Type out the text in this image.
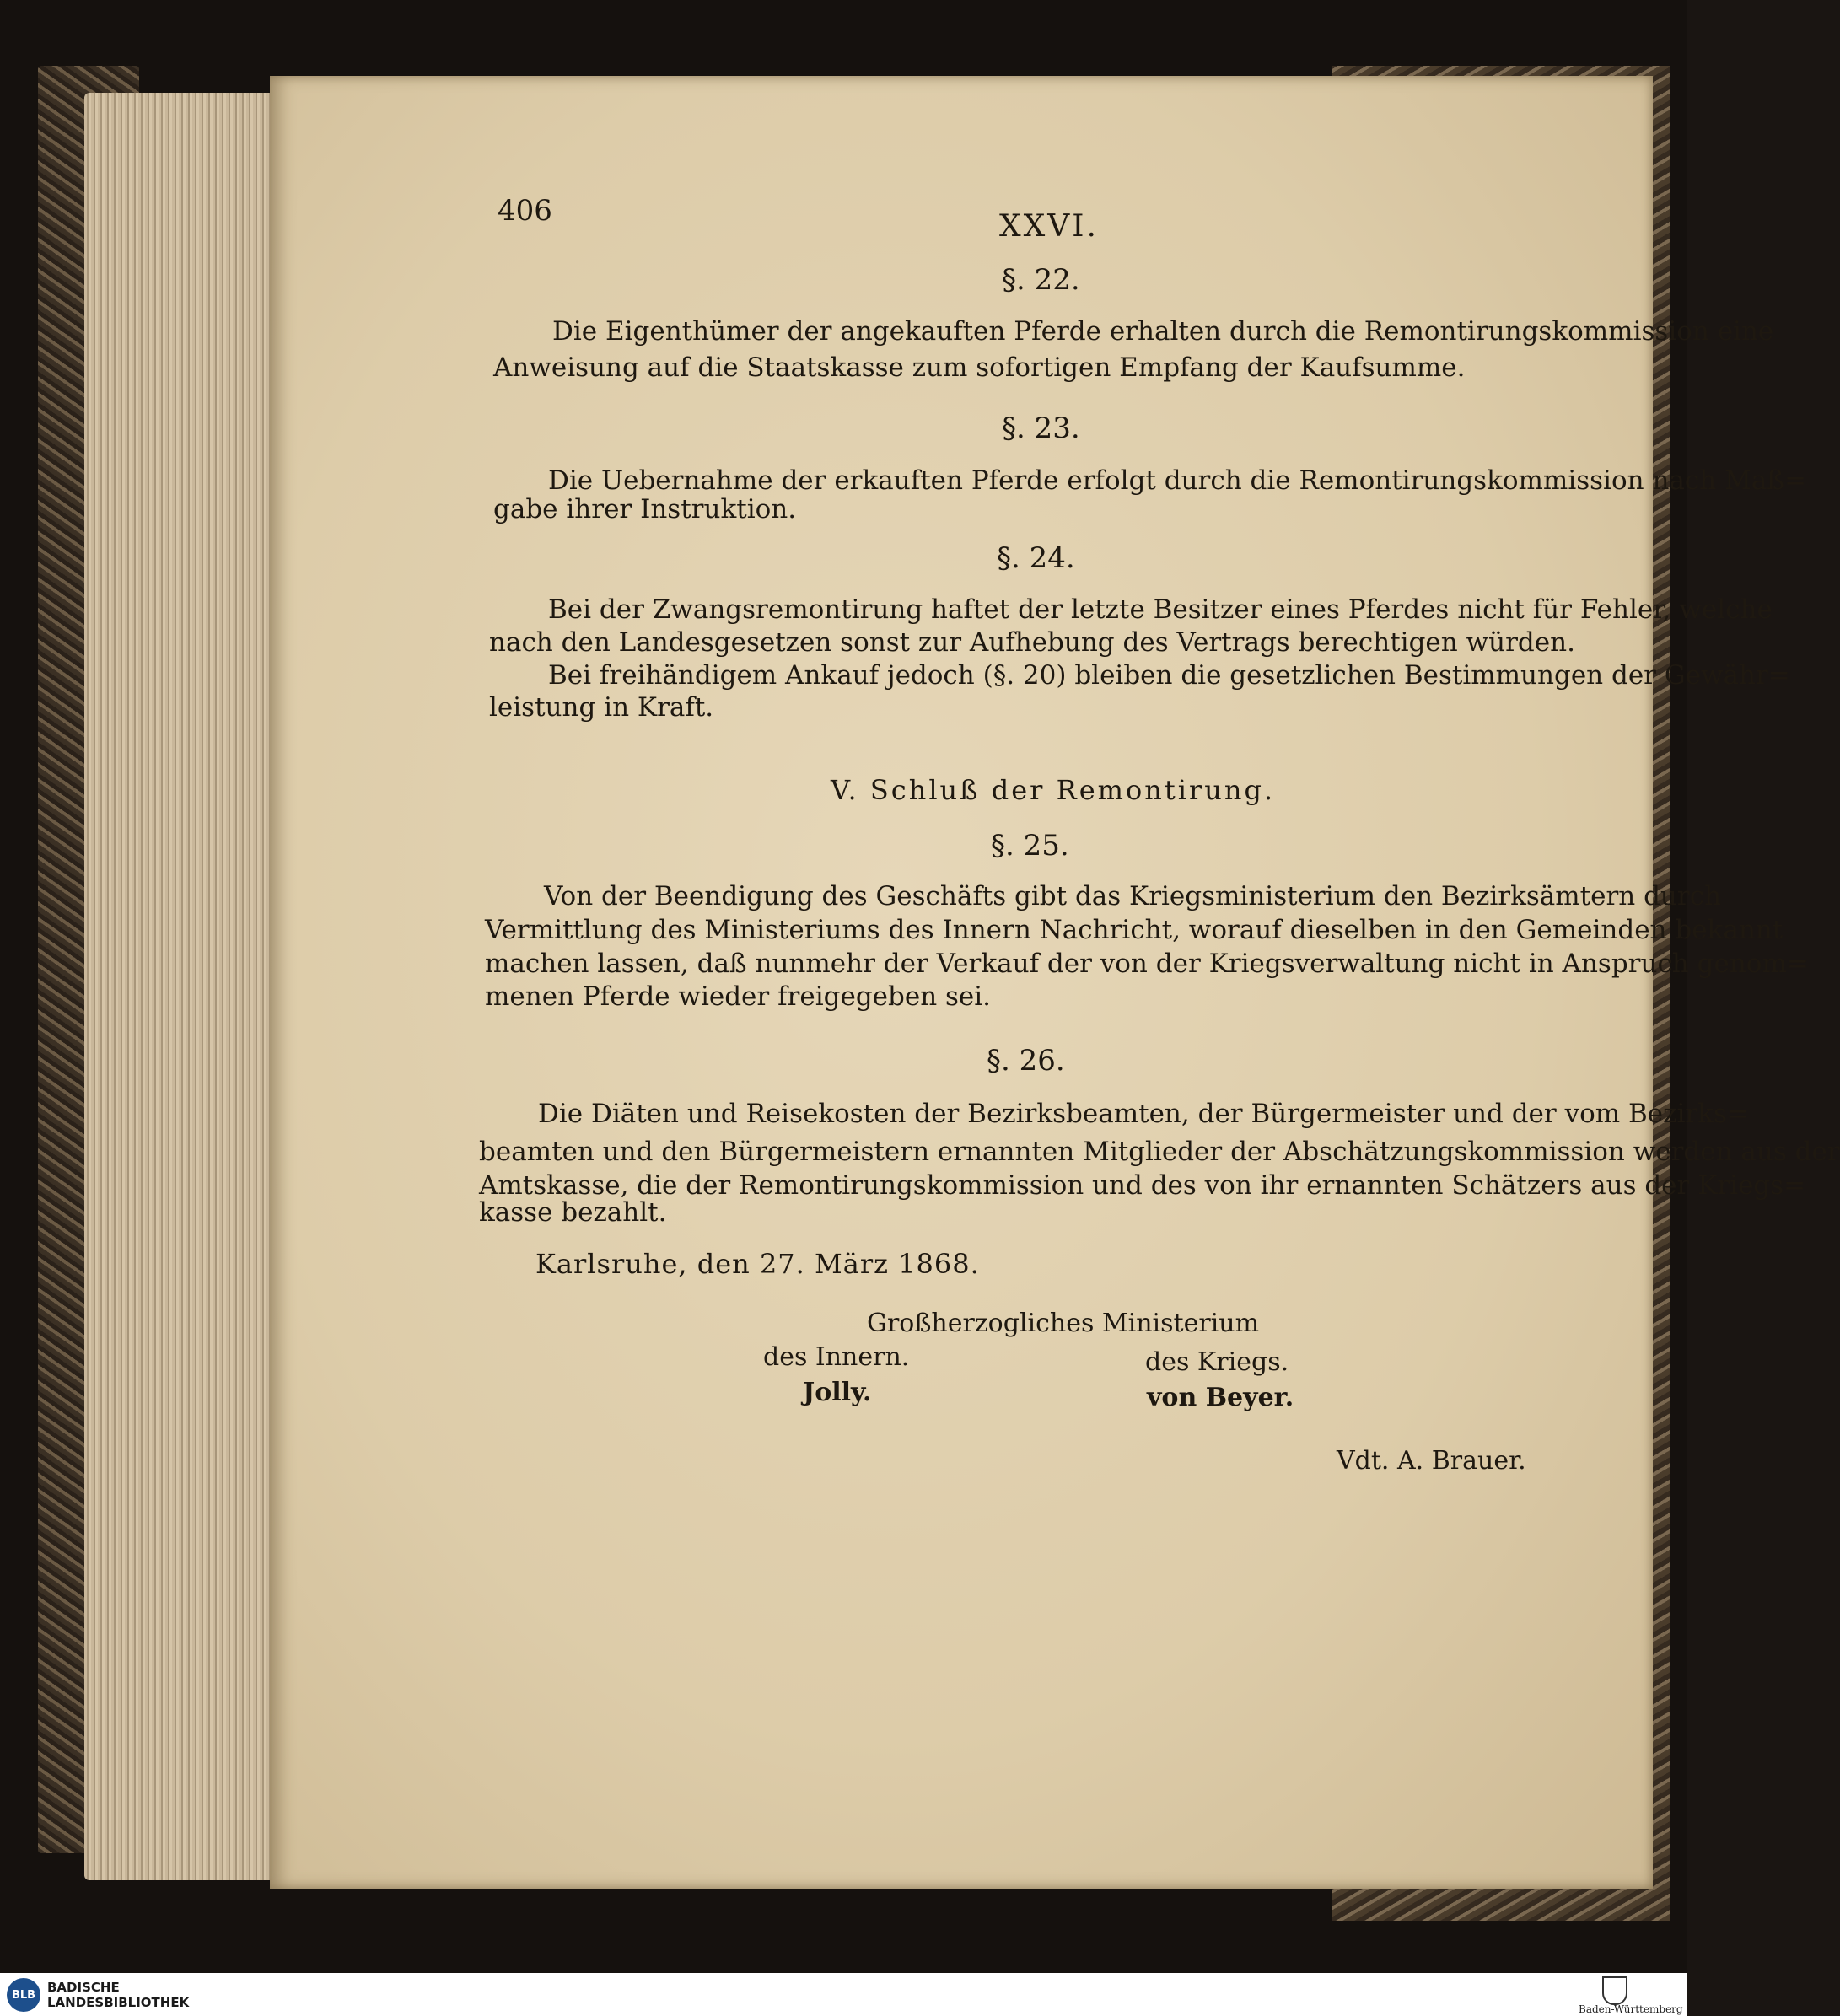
406	XXVI.
§. 22.
Die Eigenthümer der angekauften Pferde erhalten durch die Remontirungskommission eine
Anweisung auf die Staatskasse zum sofortigen Empfang der Kaufsumme.
§. 23.
Die Uebernahme der erkauften Pferde erfolgt durch die Remontirungskommission nach Maß=
gabe ihrer Instruktion.
§. 24.
Bei der Zwangsremontirung haftet der letzte Besitzer eines Pferdes nicht für Fehler, welche
nach den Landesgesetzen sonst zur Aufhebung des Vertrags berechtigen würden.
Bei freihändigem Ankauf jedoch (§. 20) bleiben die gesetzlichen Bestimmungen der Gewähr=
leistung in Kraft.
V. Schluß der Remontirung.
§. 25.
Von der Beendigung des Geschäfts gibt das Kriegsministerium den Bezirksämtern durch
Vermittlung des Ministeriums des Innern Nachricht, worauf dieselben in den Gemeinden bekannt
machen lassen, daß nunmehr der Verkauf der von der Kriegsverwaltung nicht in Anspruch genom=
menen Pferde wieder freigegeben sei.
§. 26.
Die Diäten und Reisekosten der Bezirksbeamten, der Bürgermeister und der vom Bezirks=
beamten und den Bürgermeistern ernannten Mitglieder der Abschätzungskommission werden aus der
Amtskasse, die der Remontirungskommission und des von ihr ernannten Schätzers aus der Kriegs=
kasse bezahlt.
Karlsruhe, den 27. März 1868.
Großherzogliches Ministerium
des Innern.
Jolly.
des Kriegs.
von Beyer.
Vdt. A. Brauer.
BLB BADISCHE
LANDESBIBLIOTHEK	Baden-Württemberg
